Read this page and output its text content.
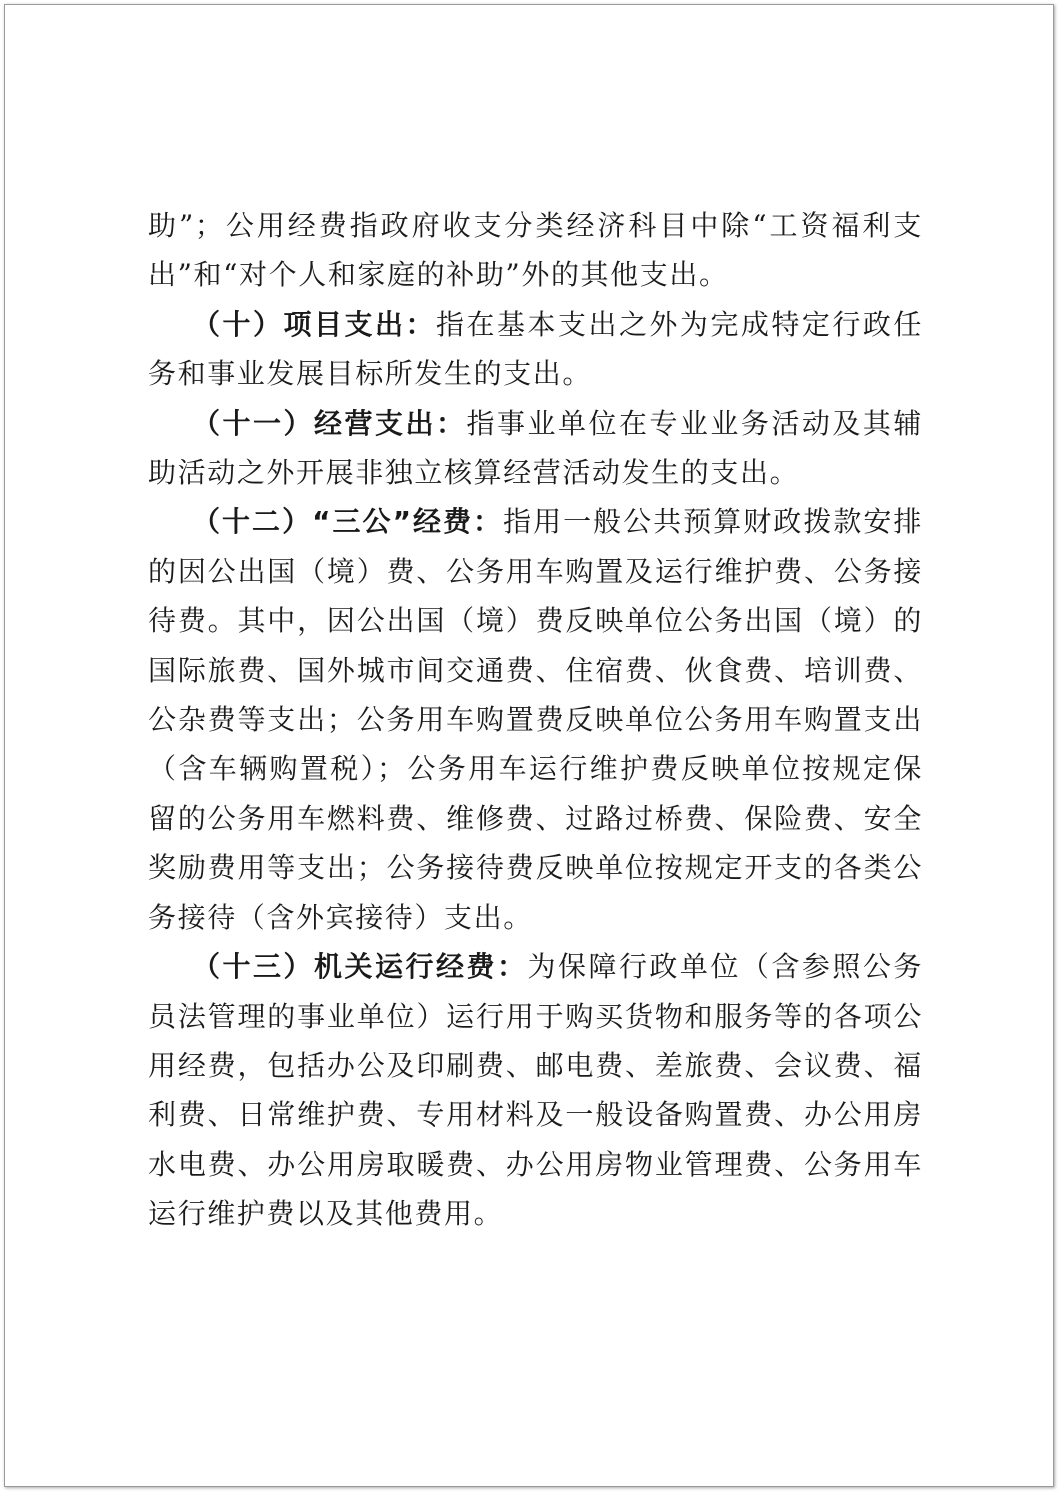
助”；公用经费指政府收支分类经济科目中除“工资福利支出”和“对个人和家庭的补助”外的其他支出。

（十）项目支出：指在基本支出之外为完成特定行政任务和事业发展目标所发生的支出。

（十一）经营支出：指事业单位在专业业务活动及其辅助活动之外开展非独立核算经营活动发生的支出。

（十二）“三公”经费：指用一般公共预算财政拨款安排的因公出国（境）费、公务用车购置及运行维护费、公务接待费。其中，因公出国（境）费反映单位公务出国（境）的国际旅费、国外城市间交通费、住宿费、伙食费、培训费、公杂费等支出；公务用车购置费反映单位公务用车购置支出（含车辆购置税）；公务用车运行维护费反映单位按规定保留的公务用车燃料费、维修费、过路过桥费、保险费、安全奖励费用等支出；公务接待费反映单位按规定开支的各类公务接待（含外宾接待）支出。

（十三）机关运行经费：为保障行政单位（含参照公务员法管理的事业单位）运行用于购买货物和服务等的各项公用经费，包括办公及印刷费、邮电费、差旅费、会议费、福利费、日常维护费、专用材料及一般设备购置费、办公用房水电费、办公用房取暖费、办公用房物业管理费、公务用车运行维护费以及其他费用。
